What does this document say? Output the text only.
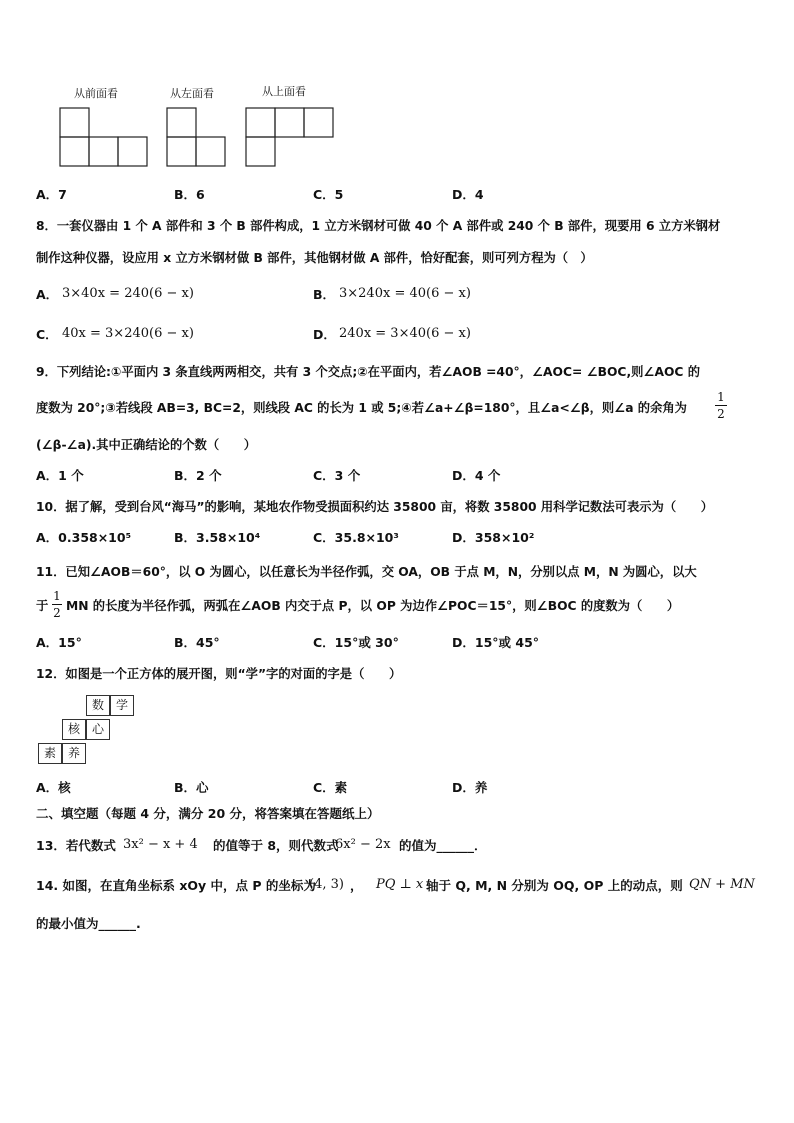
从前面看	从左面看	从上面看
A．7	B．6	C．5	D．4
8．一套仪器由 1 个 A 部件和 3 个 B 部件构成，1 立方米钢材可做 40 个 A 部件或 240 个 B 部件，现要用 6 立方米钢材
制作这种仪器，设应用 x 立方米钢材做 B 部件，其他钢材做 A 部件，恰好配套，则可列方程为（　）
A． 3×40x = 240(6 − x)	B． 3×240x = 40(6 − x)
C． 40x = 3×240(6 − x)	D． 240x = 3×40(6 − x)
9．下列结论:①平面内 3 条直线两两相交，共有 3 个交点;②在平面内，若∠AOB =40°，∠AOC= ∠BOC,则∠AOC 的
度数为 20°;③若线段 AB=3, BC=2，则线段 AC 的长为 1 或 5;④若∠a+∠β=180°，且∠a<∠β，则∠a 的余角为
1
2
(∠β-∠a).其中正确结论的个数（　　）
A．1 个	B．2 个	C．3 个	D．4 个
10．据了解，受到台风“海马”的影响，某地农作物受损面积约达 35800 亩，将数 35800 用科学记数法可表示为（　　）
A．0.358×10⁵	B．3.58×10⁴	C．35.8×10³	D．358×10²
11．已知∠AOB＝60°，以 O 为圆心，以任意长为半径作弧，交 OA，OB 于点 M，N，分别以点 M，N 为圆心，以大
于
1
2 MN 的长度为半径作弧，两弧在∠AOB 内交于点 P，以 OP 为边作∠POC＝15°，则∠BOC 的度数为（　　）
A．15°	B．45°	C．15°或 30°	D．15°或 45°
12．如图是一个正方体的展开图，则“学”字的对面的字是（　　）
数 学
核 心
素 养
A．核	B．心	C．素	D．养
二、填空题（每题 4 分，满分 20 分，将答案填在答题纸上）
13．若代数式 3x² − x + 4 的值等于 8，则代数式
6x² − 2x 的值为______．
14. 如图，在直角坐标系 xOy 中，点 P 的坐标为
(4, 3) ， PQ ⊥ x 轴于 Q, M, N 分别为 OQ, OP 上的动点，则 QN + MN
的最小值为______.
